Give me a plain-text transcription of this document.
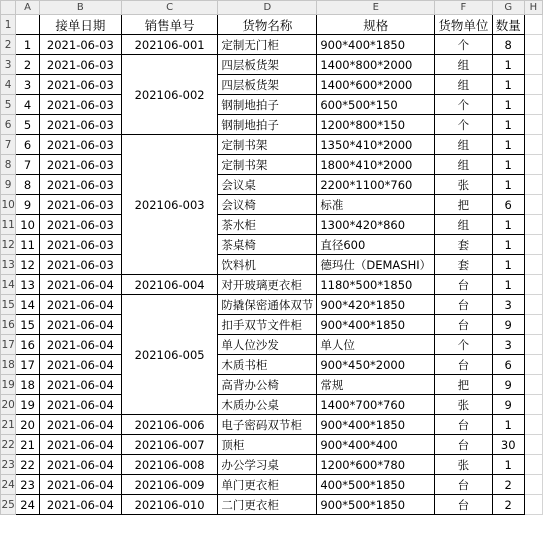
	A	B	C	D	E	F	G	H
1		接单日期	销售单号	货物名称	规格	货物单位	数量	
2	1	2021-06-03	202106-001	定制无门柜	900*400*1850	个	8	
3	2	2021-06-03	202106-002	四层板货架	1400*800*2000	组	1	
4	3	2021-06-03		四层板货架	1400*600*2000	组	1	
5	4	2021-06-03		钢制地拍子	600*500*150	个	1	
6	5	2021-06-03		钢制地拍子	1200*800*150	个	1	
7	6	2021-06-03	202106-003	定制书架	1350*410*2000	组	1	
8	7	2021-06-03		定制书架	1800*410*2000	组	1	
9	8	2021-06-03		会议桌	2200*1100*760	张	1	
10	9	2021-06-03		会议椅	标准	把	6	
11	10	2021-06-03		茶水柜	1300*420*860	组	1	
12	11	2021-06-03		茶桌椅	直径600	套	1	
13	12	2021-06-03		饮料机	德玛仕（DEMASHI）	套	1	
14	13	2021-06-04	202106-004	对开玻璃更衣柜	1180*500*1850	台	1	
15	14	2021-06-04	202106-005	防撬保密通体双节	900*420*1850	台	3	
16	15	2021-06-04		扣手双节文件柜	900*400*1850	台	9	
17	16	2021-06-04		单人位沙发	单人位	个	3	
18	17	2021-06-04		木质书柜	900*450*2000	台	6	
19	18	2021-06-04		高背办公椅	常规	把	9	
20	19	2021-06-04		木质办公桌	1400*700*760	张	9	
21	20	2021-06-04	202106-006	电子密码双节柜	900*400*1850	台	1	
22	21	2021-06-04	202106-007	顶柜	900*400*400	台	30	
23	22	2021-06-04	202106-008	办公学习桌	1200*600*780	张	1	
24	23	2021-06-04	202106-009	单门更衣柜	400*500*1850	台	2	
25	24	2021-06-04	202106-010	二门更衣柜	900*500*1850	台	2	
